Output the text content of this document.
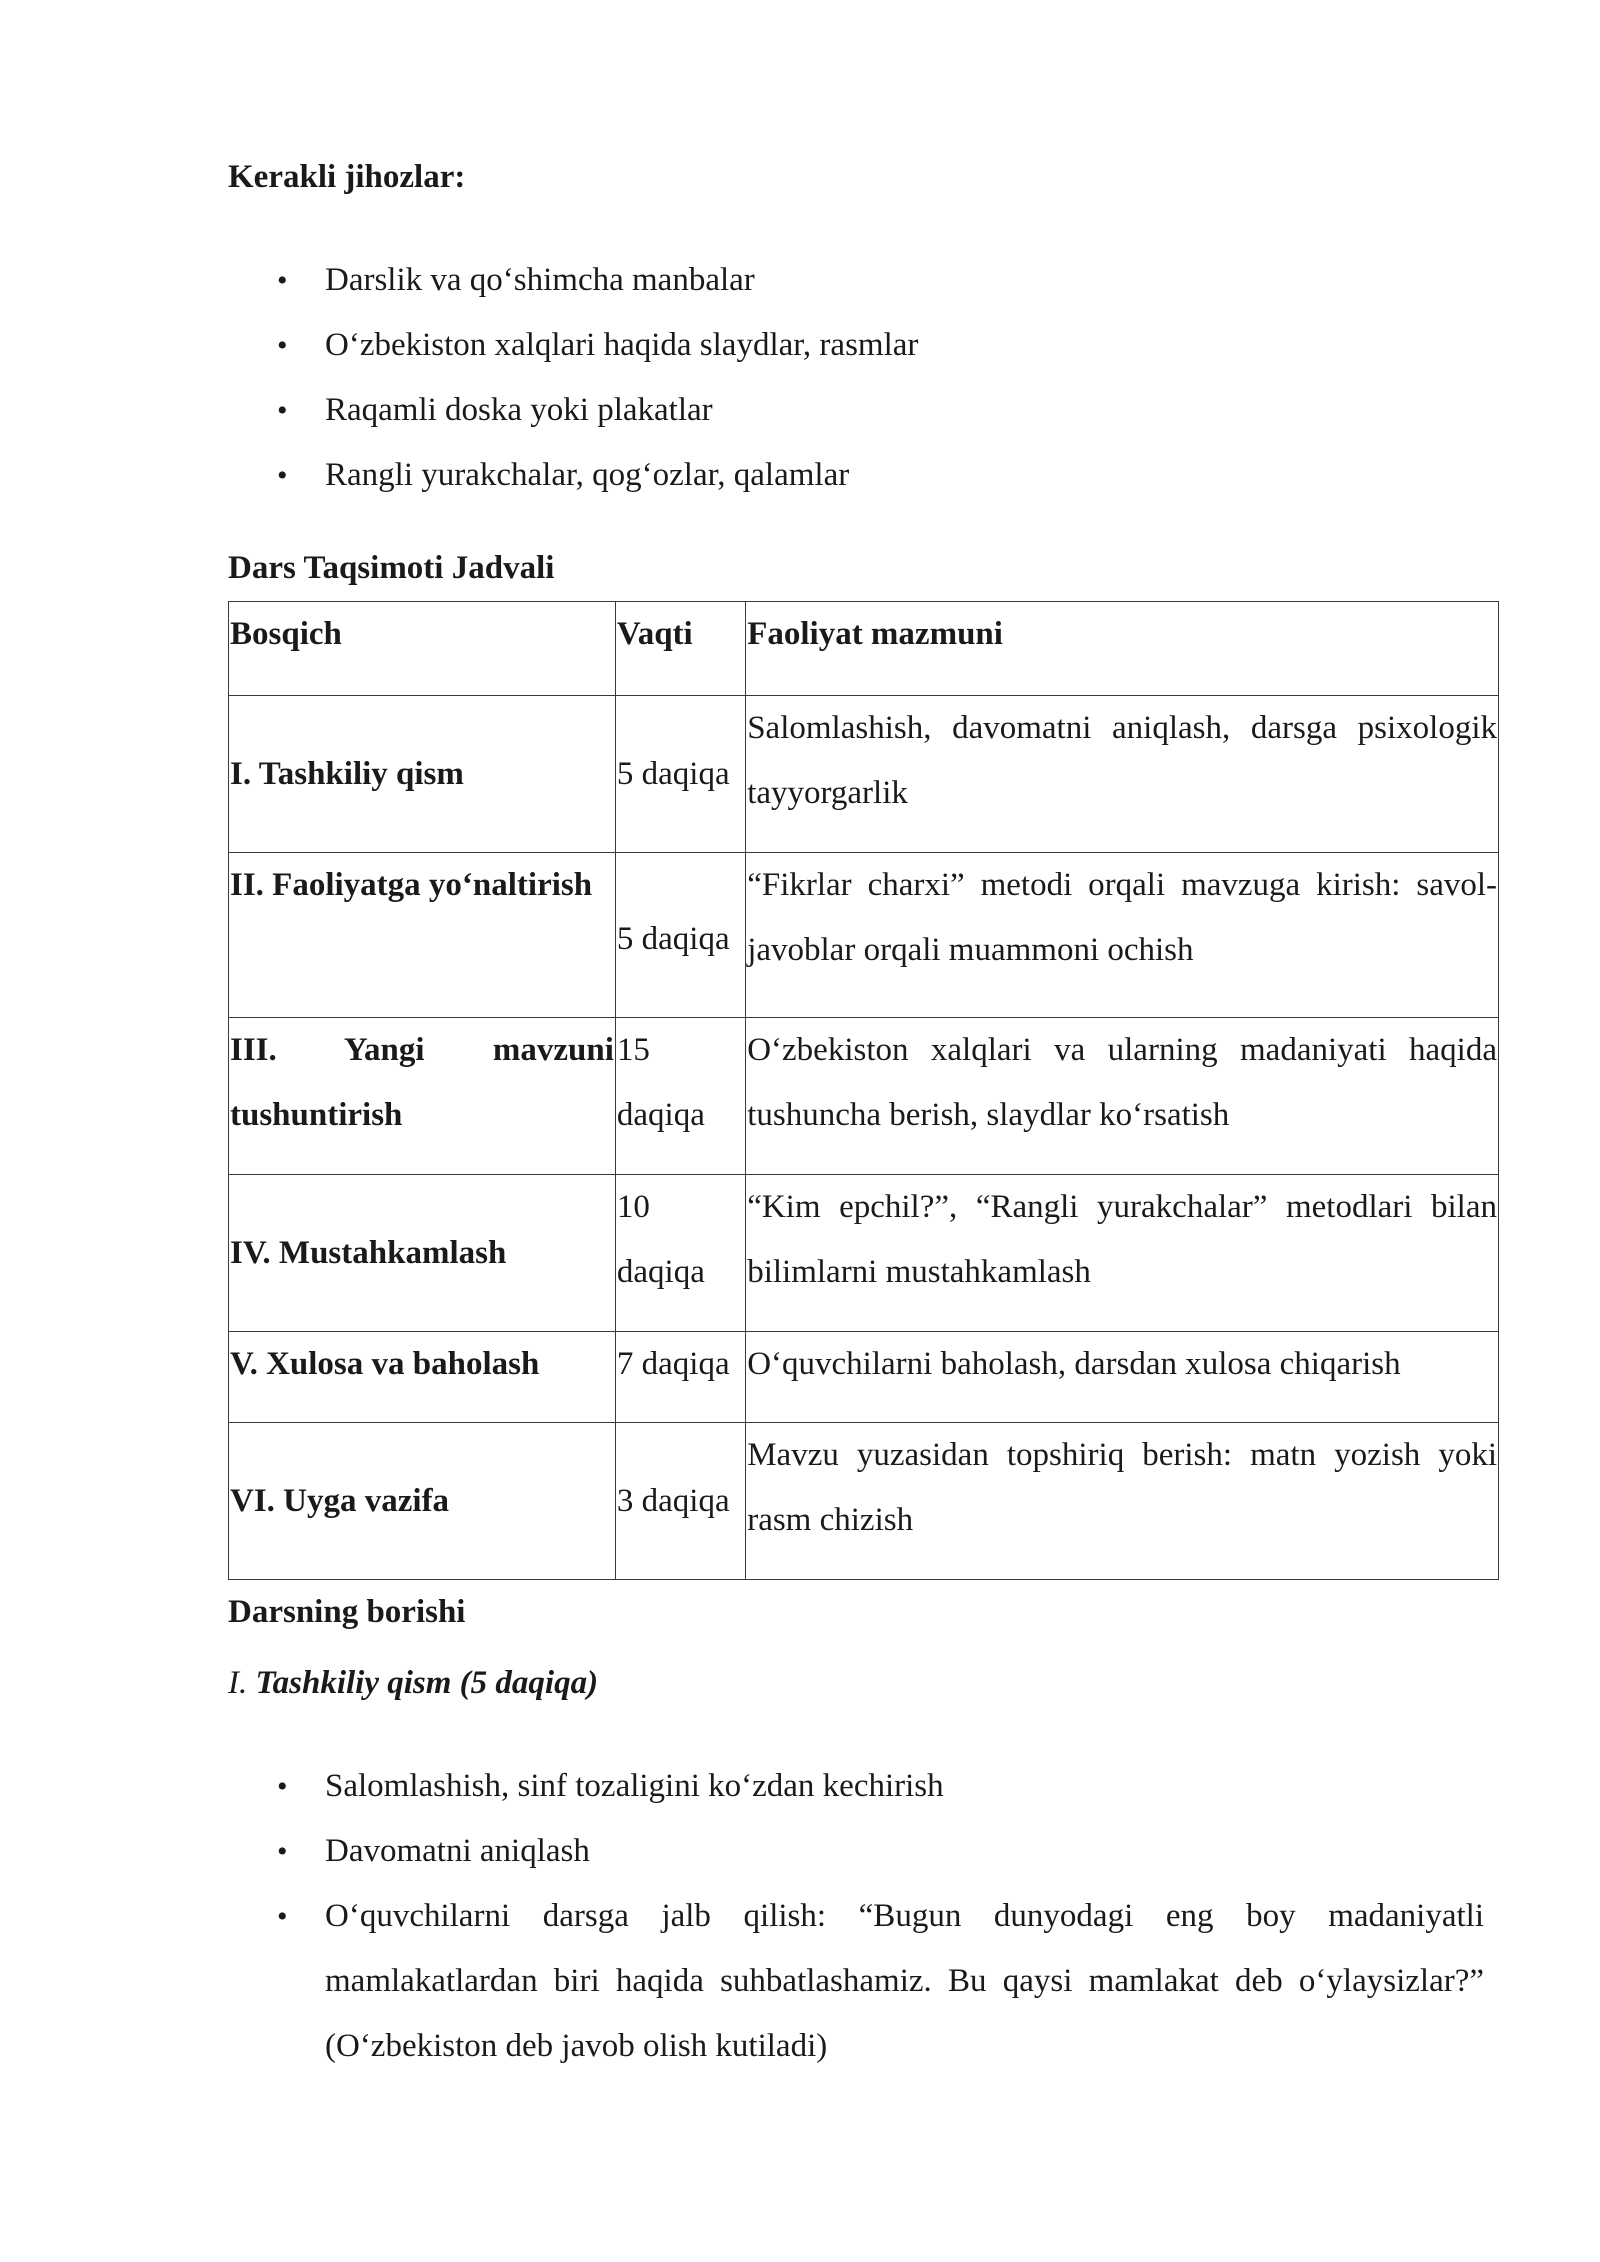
Kerakli jihozlar:

• Darslik va qo‘shimcha manbalar
• O‘zbekiston xalqlari haqida slaydlar, rasmlar
• Raqamli doska yoki plakatlar
• Rangli yurakchalar, qog‘ozlar, qalamlar

Dars Taqsimoti Jadvali

Bosqich	Vaqti	Faoliyat mazmuni
I. Tashkiliy qism	5 daqiqa	Salomlashish, davomatni aniqlash, darsga psixologik tayyorgarlik
II. Faoliyatga yo‘naltirish	5 daqiqa	“Fikrlar charxi” metodi orqali mavzuga kirish: savol-javoblar orqali muammoni ochish
III. Yangi mavzuni tushuntirish	15 daqiqa	O‘zbekiston xalqlari va ularning madaniyati haqida tushuncha berish, slaydlar ko‘rsatish
IV. Mustahkamlash	10 daqiqa	“Kim epchil?”, “Rangli yurakchalar” metodlari bilan bilimlarni mustahkamlash
V. Xulosa va baholash	7 daqiqa	O‘quvchilarni baholash, darsdan xulosa chiqarish
VI. Uyga vazifa	3 daqiqa	Mavzu yuzasidan topshiriq berish: matn yozish yoki rasm chizish

Darsning borishi

I. Tashkiliy qism (5 daqiqa)

• Salomlashish, sinf tozaligini ko‘zdan kechirish
• Davomatni aniqlash
• O‘quvchilarni darsga jalb qilish: “Bugun dunyodagi eng boy madaniyatli mamlakatlardan biri haqida suhbatlashamiz. Bu qaysi mamlakat deb o‘ylaysizlar?” (O‘zbekiston deb javob olish kutiladi)
